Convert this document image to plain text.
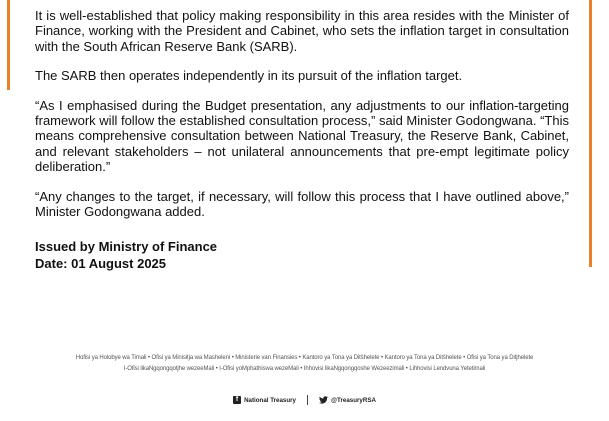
It is well-established that policy making responsibility in this area resides with the Minister of Finance, working with the President and Cabinet, who sets the inflation target in consultation with the South African Reserve Bank (SARB).

The SARB then operates independently in its pursuit of the inflation target.

“As I emphasised during the Budget presentation, any adjustments to our inflation-targeting framework will follow the established consultation process,” said Minister Godongwana. “This means comprehensive consultation between National Treasury, the Reserve Bank, Cabinet, and relevant stakeholders – not unilateral announcements that pre-empt legitimate policy deliberation.”

“Any changes to the target, if necessary, will follow this process that I have outlined above,” Minister Godongwana added.

Issued by Ministry of Finance
Date: 01 August 2025
Hofisi ya Holobye wa Timali • Ofisi ya Minisitja wa Masheleni • Ministerie van Finansies • Kantoro ya Tona ya Ditšhelete • Kantoro ya Tona ya Ditšhelete • Ofisi ya Tona ya Ditjhelete
I-Ofisi likaNgqongqotjhe wezeeMali • I-Ofisi yoMphathiswa wezeMali • Ihhovisi likaNgqongqoshe Wezeezimali • Lihhovisi Lendvuna Yetetimali
f National Treasury	@TreasuryRSA
